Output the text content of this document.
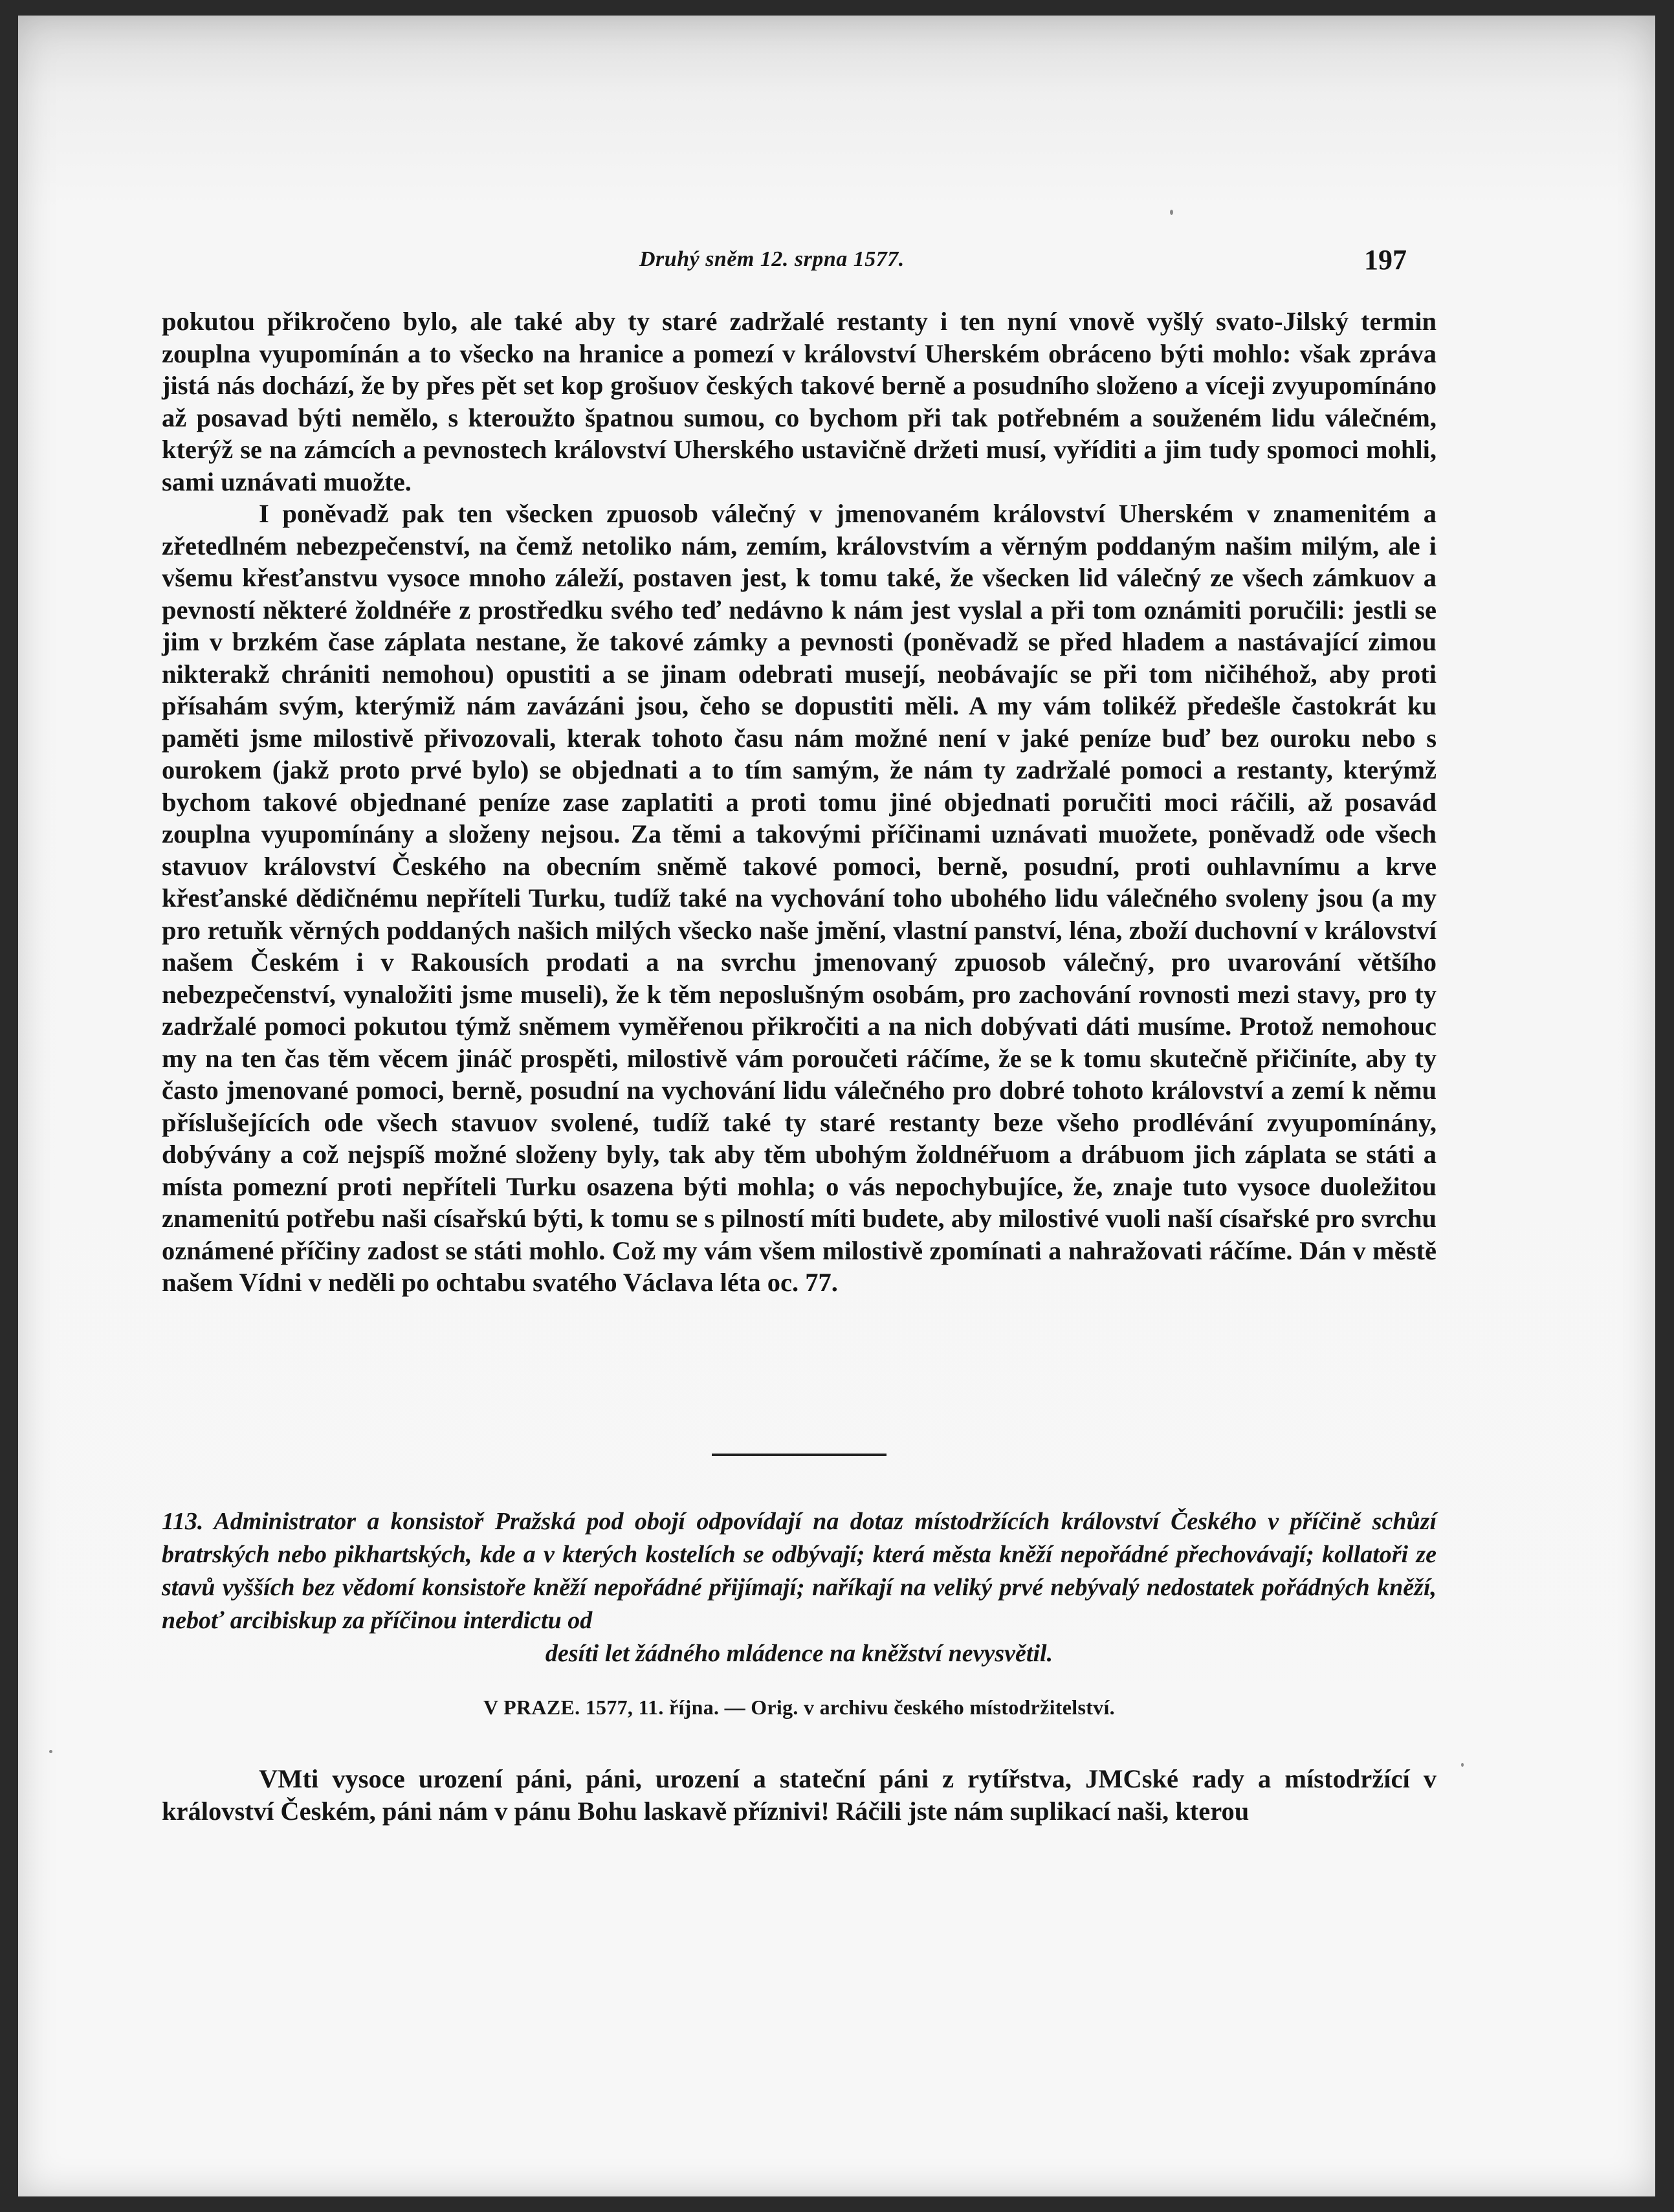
Druhý sněm 12. srpna 1577.	197

pokutou přikročeno bylo, ale také aby ty staré zadržalé restanty i ten nyní vnově vyšlý svato-Jilský termin zouplna vyupomínán a to všecko na hranice a pomezí v království Uherském obráceno býti mohlo: však zpráva jistá nás dochází, že by přes pět set kop grošuov českých takové berně a posudního složeno a víceji zvyupomínáno až posavad býti nemělo, s kteroužto špatnou sumou, co bychom při tak potřebném a souženém lidu válečném, kterýž se na zámcích a pevnostech království Uherského ustavičně držeti musí, vyříditi a jim tudy spomoci mohli, sami uznávati muožte.

I poněvadž pak ten všecken zpuosob válečný v jmenovaném království Uherském v znamenitém a zřetedlném nebezpečenství, na čemž netoliko nám, zemím, královstvím a věrným poddaným našim milým, ale i všemu křesťanstvu vysoce mnoho záleží, postaven jest, k tomu také, že všecken lid válečný ze všech zámkuov a pevností některé žoldnéře z prostředku svého teď nedávno k nám jest vyslal a při tom oznámiti poručili: jestli se jim v brzkém čase záplata nestane, že takové zámky a pevnosti (poněvadž se před hladem a nastávající zimou nikterakž chrániti nemohou) opustiti a se jinam odebrati musejí, neobávajíc se při tom ničihéhož, aby proti přísahám svým, kterýmiž nám zavázáni jsou, čeho se dopustiti měli. A my vám tolikéž předešle častokrát ku paměti jsme milostivě přivozovali, kterak tohoto času nám možné není v jaké peníze buď bez ouroku nebo s ourokem (jakž proto prvé bylo) se objednati a to tím samým, že nám ty zadržalé pomoci a restanty, kterýmž bychom takové objednané peníze zase zaplatiti a proti tomu jiné objednati poručiti moci ráčili, až posavád zouplna vyupomínány a složeny nejsou. Za těmi a takovými příčinami uznávati muožete, poněvadž ode všech stavuov království Českého na obecním sněmě takové pomoci, berně, posudní, proti ouhlavnímu a krve křesťanské dědičnému nepříteli Turku, tudíž také na vychování toho ubohého lidu válečného svoleny jsou (a my pro retuňk věrných poddaných našich milých všecko naše jmění, vlastní panství, léna, zboží duchovní v království našem Českém i v Rakousích prodati a na svrchu jmenovaný zpuosob válečný, pro uvarování většího nebezpečenství, vynaložiti jsme museli), že k těm neposlušným osobám, pro zachování rovnosti mezi stavy, pro ty zadržalé pomoci pokutou týmž sněmem vyměřenou přikročiti a na nich dobývati dáti musíme. Protož nemohouc my na ten čas těm věcem jináč prospěti, milostivě vám poroučeti ráčíme, že se k tomu skutečně přičiníte, aby ty často jmenované pomoci, berně, posudní na vychování lidu válečného pro dobré tohoto království a zemí k němu příslušejících ode všech stavuov svolené, tudíž také ty staré restanty beze všeho prodlévání zvyupomínány, dobývány a což nejspíš možné složeny byly, tak aby těm ubohým žoldnéřuom a drábuom jich záplata se státi a místa pomezní proti nepříteli Turku osazena býti mohla; o vás nepochybujíce, že, znaje tuto vysoce duoležitou znamenitú potřebu naši císařskú býti, k tomu se s pilností míti budete, aby milostivé vuoli naší císařské pro svrchu oznámené příčiny zadost se státi mohlo. Což my vám všem milostivě zpomínati a nahražovati ráčíme. Dán v městě našem Vídni v neděli po ochtabu svatého Václava léta oc. 77.

113. Administrator a konsistoř Pražská pod obojí odpovídají na dotaz místodržících království Českého v příčině schůzí bratrských nebo pikhartských, kde a v kterých kostelích se odbývají; která města kněží nepořádné přechovávají; kollatoři ze stavů vyšších bez vědomí konsistoře kněží nepořádné přijímají; naříkají na veliký prvé nebývalý nedostatek pořádných kněží, neboť arcibiskup za příčinou interdictu od
desíti let žádného mládence na kněžství nevysvětil.
V PRAZE. 1577, 11. října. — Orig. v archivu českého místodržitelství.

VMti vysoce urození páni, páni, urození a stateční páni z rytířstva, JMCské rady a místodržící v království Českém, páni nám v pánu Bohu laskavě příznivi! Ráčili jste nám suplikací naši, kterou
